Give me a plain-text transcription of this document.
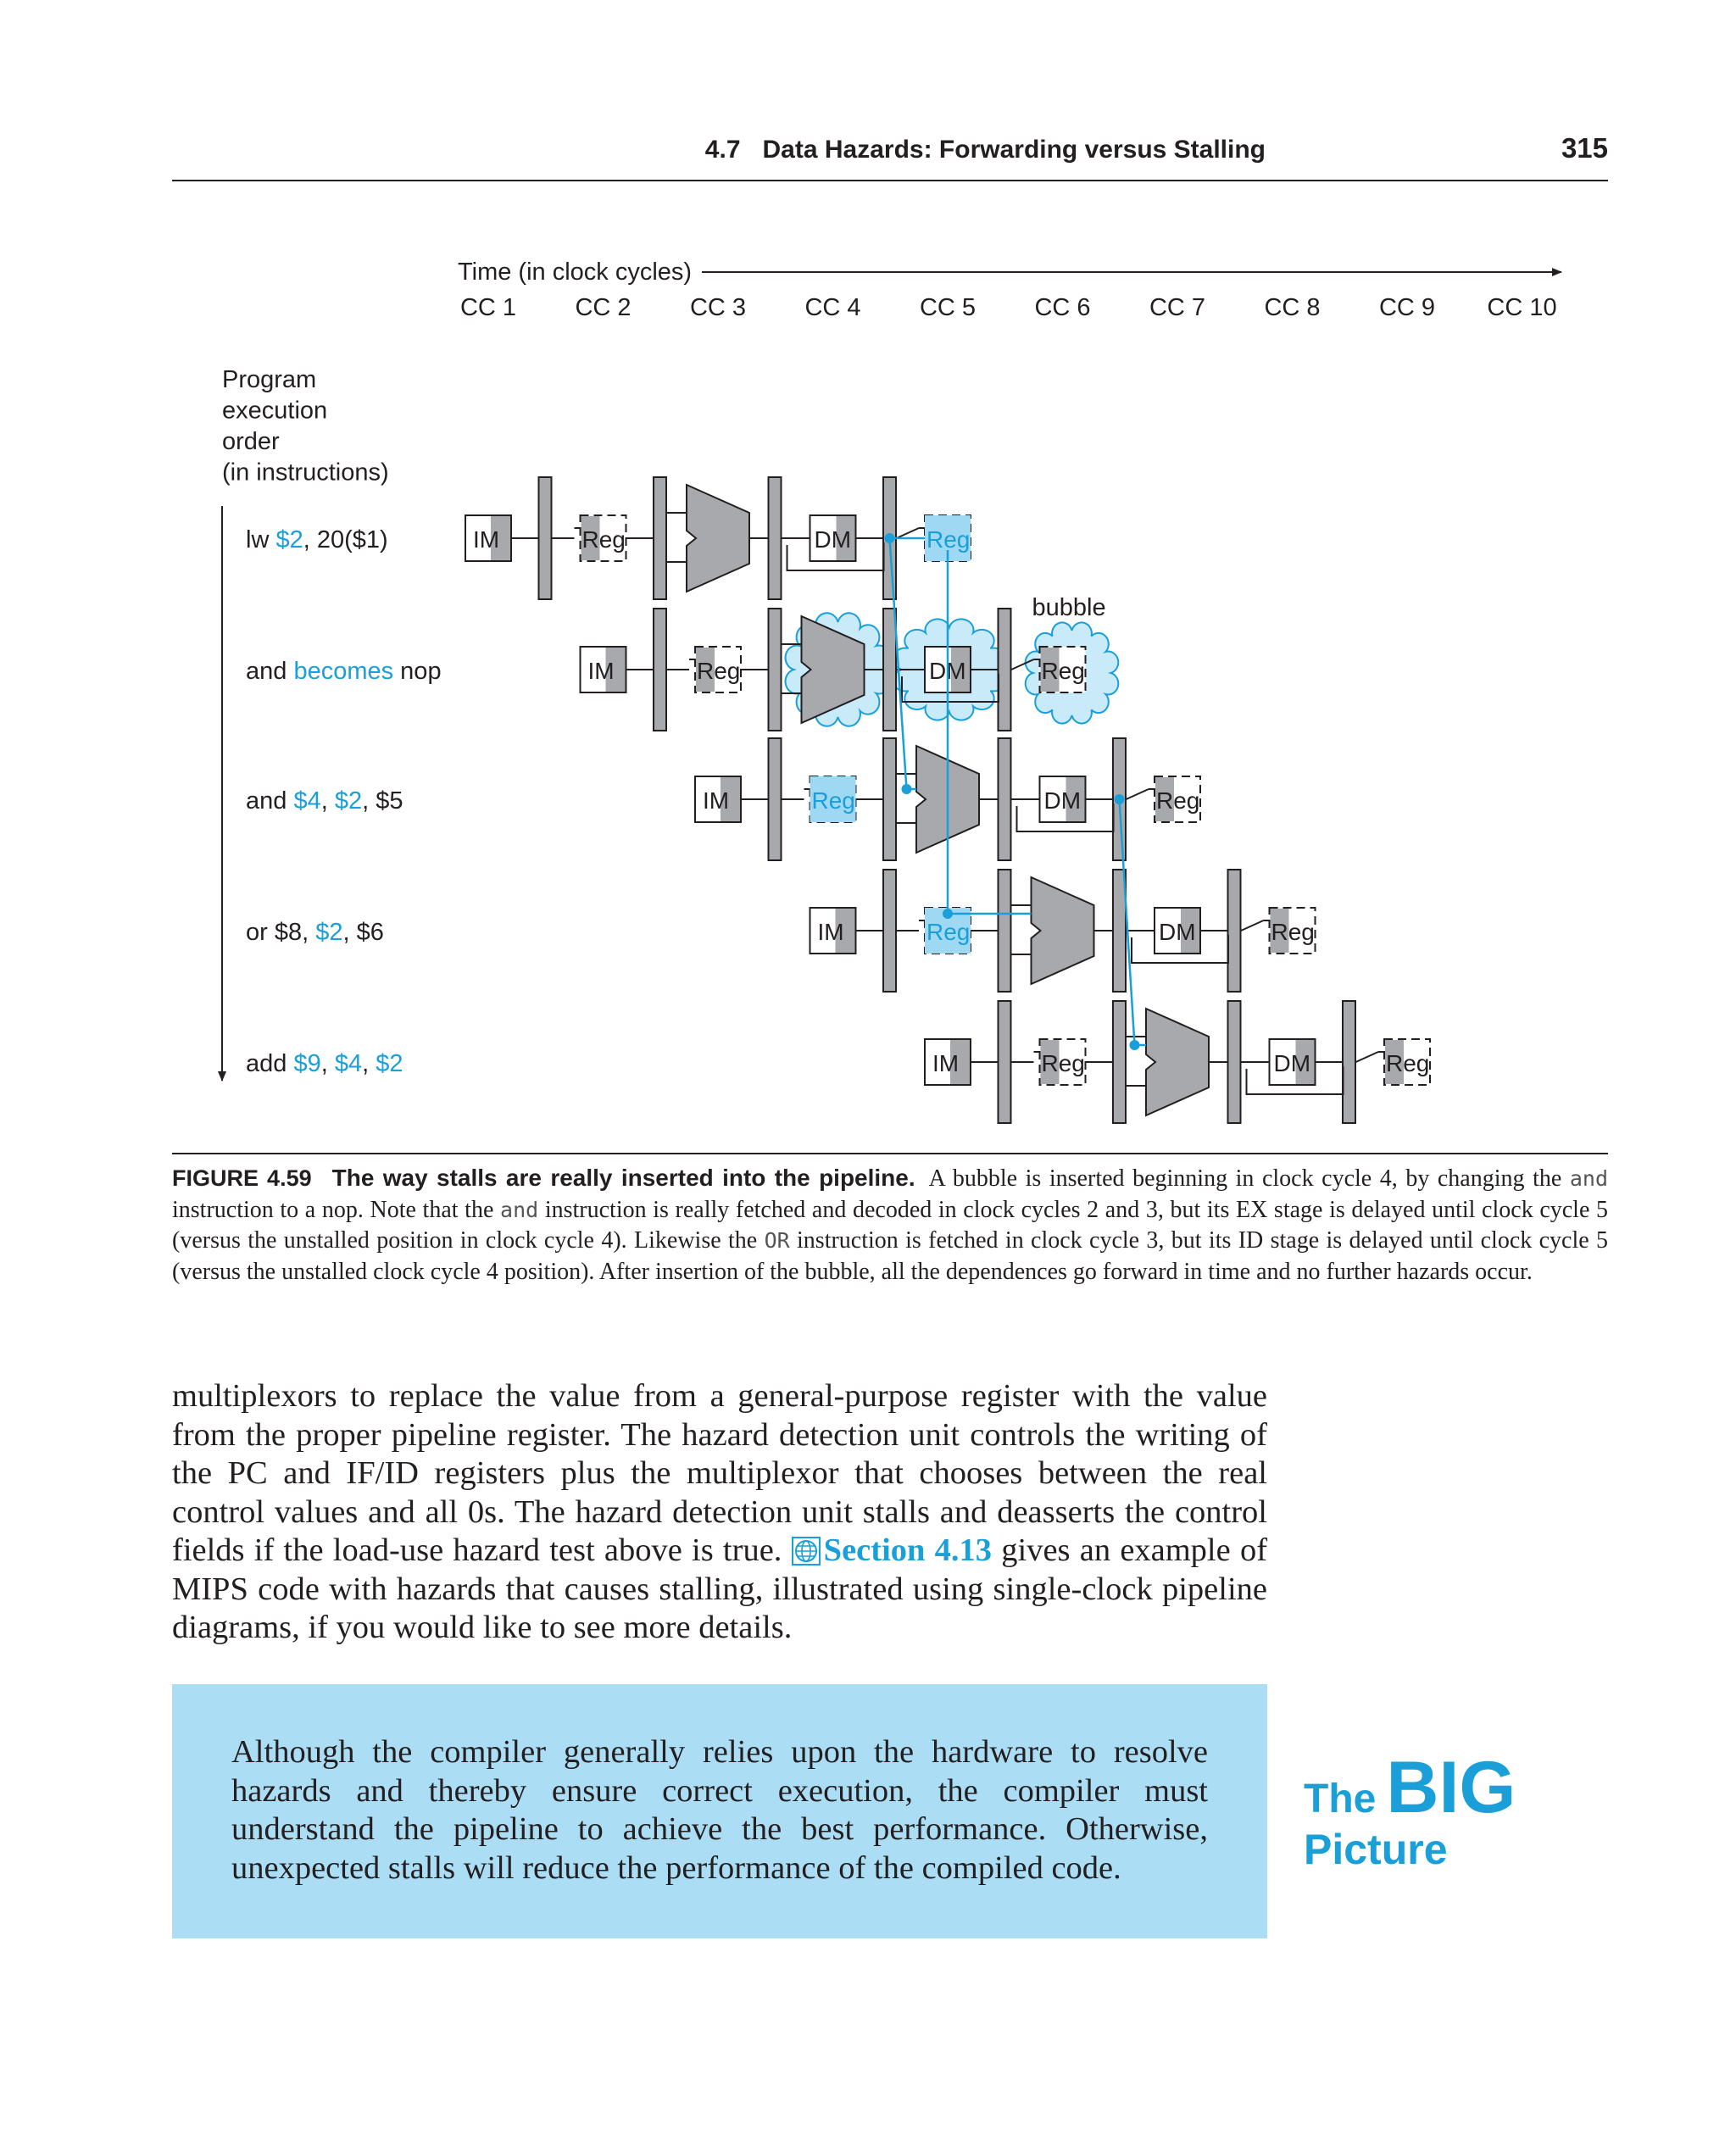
4.7 Data Hazards: Forwarding versus Stalling	315
Time (in clock cycles)
CC 1 CC 2 CC 3 CC 4 CC 5 CC 6 CC 7 CC 8 CC 9 CC 10
Program
execution
order
(in instructions)
lw $2, 20($1)
and becomes nop
and $4, $2, $5
or $8, $2, $6
add $9, $4, $2
IM	Reg	DM	Reg
IM	Reg	DM	Reg
IM	Reg	DM	Reg
IM	Reg	DM	Reg
IM	Reg	DM	Reg
bubble
FIGURE 4.59 The way stalls are really inserted into the pipeline. A bubble is inserted beginning in clock cycle 4, by changing the and instruction to a nop. Note that the and instruction is really fetched and decoded in clock cycles 2 and 3, but its EX stage is delayed until clock cycle 5 (versus the unstalled position in clock cycle 4). Likewise the OR instruction is fetched in clock cycle 3, but its ID stage is delayed until clock cycle 5 (versus the unstalled clock cycle 4 position). After insertion of the bubble, all the dependences go forward in time and no further hazards occur.
multiplexors to replace the value from a general-purpose register with the value from the proper pipeline register. The hazard detection unit controls the writing of the PC and IF/ID registers plus the multiplexor that chooses between the real control values and all 0s. The hazard detection unit stalls and deasserts the control fields if the load-use hazard test above is true. Section 4.13 gives an example of MIPS code with hazards that causes stalling, illustrated using single-clock pipeline diagrams, if you would like to see more details.

Although the compiler generally relies upon the hardware to resolve hazards and thereby ensure correct execution, the compiler must understand the pipeline to achieve the best performance. Otherwise, unexpected stalls will reduce the performance of the compiled code.

The BIG
Picture
